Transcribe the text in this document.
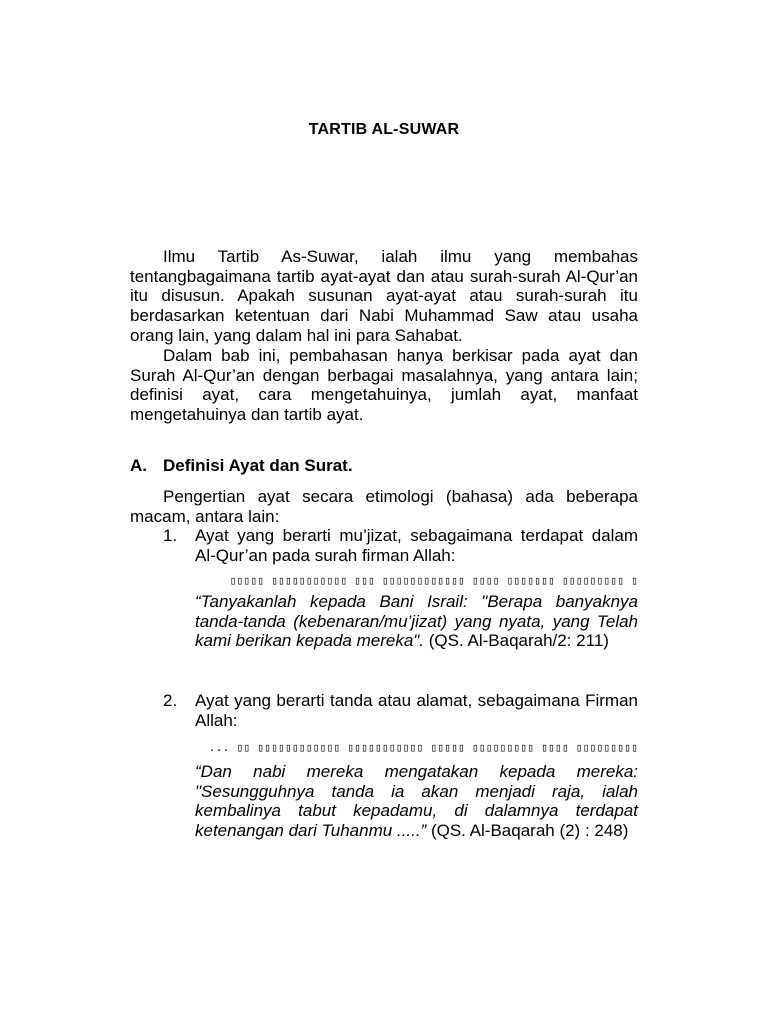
TARTIB AL-SUWAR
Ilmu Tartib As-Suwar, ialah ilmu yang membahas tentangbagaimana tartib ayat-ayat dan atau surah-surah Al-Qur’an itu disusun. Apakah susunan ayat-ayat atau surah-surah itu berdasarkan ketentuan dari Nabi Muhammad Saw atau usaha orang lain, yang dalam hal ini para Sahabat.
Dalam bab ini, pembahasan hanya berkisar pada ayat dan Surah Al-Qur’an dengan berbagai masalahnya, yang antara lain; definisi ayat, cara mengetahuinya, jumlah ayat, manfaat mengetahuinya dan tartib ayat.
A. Definisi Ayat dan Surat.
Pengertian ayat secara etimologi (bahasa) ada beberapa macam, antara lain:
1. Ayat yang berarti mu’jizat, sebagaimana terdapat dalam Al-Qur’an pada surah firman Allah:
▯▯▯▯▯ ▯▯▯▯▯▯▯▯▯▯▯ ▯▯▯ ▯▯▯▯▯▯▯▯▯▯▯▯ ▯▯▯▯ ▯▯▯▯▯▯▯ ▯▯▯▯▯▯▯▯▯ ▯
“Tanyakanlah kepada Bani Israil: "Berapa banyaknya tanda-tanda (kebenaran/mu’jizat) yang nyata, yang Telah kami berikan kepada mereka". (QS. Al-Baqarah/2: 211)
2. Ayat yang berarti tanda atau alamat, sebagaimana Firman Allah:
... ▯▯ ▯▯▯▯▯▯▯▯▯▯▯▯ ▯▯▯▯▯▯▯▯▯▯▯ ▯▯▯▯▯ ▯▯▯▯▯▯▯▯▯ ▯▯▯▯ ▯▯▯▯▯▯▯▯▯
“Dan nabi mereka mengatakan kepada mereka: "Sesungguhnya tanda ia akan menjadi raja, ialah kembalinya tabut kepadamu, di dalamnya terdapat ketenangan dari Tuhanmu .....” (QS. Al-Baqarah (2) : 248)
